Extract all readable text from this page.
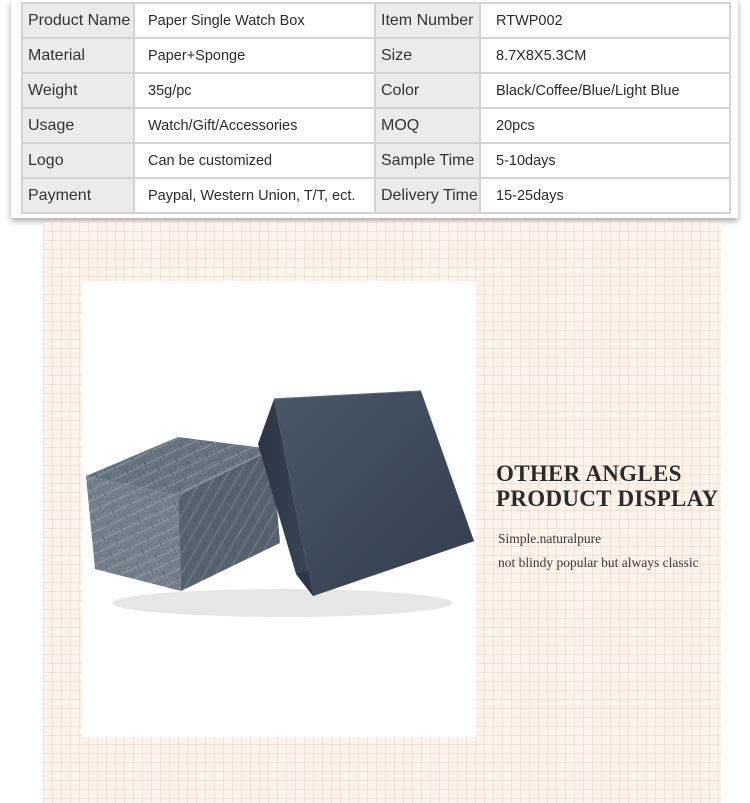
Product Name	Paper Single Watch Box	Item Number	RTWP002
Material	Paper+Sponge	Size	8.7X8X5.3CM
Weight	35g/pc	Color	Black/Coffee/Blue/Light Blue
Usage	Watch/Gift/Accessories	MOQ	20pcs
Logo	Can be customized	Sample Time	5-10days
Payment	Paypal, Western Union, T/T, ect.	Delivery Time	15-25days
OTHER ANGLES
PRODUCT DISPLAY

Simple.naturalpure

not blindy popular but always classic
